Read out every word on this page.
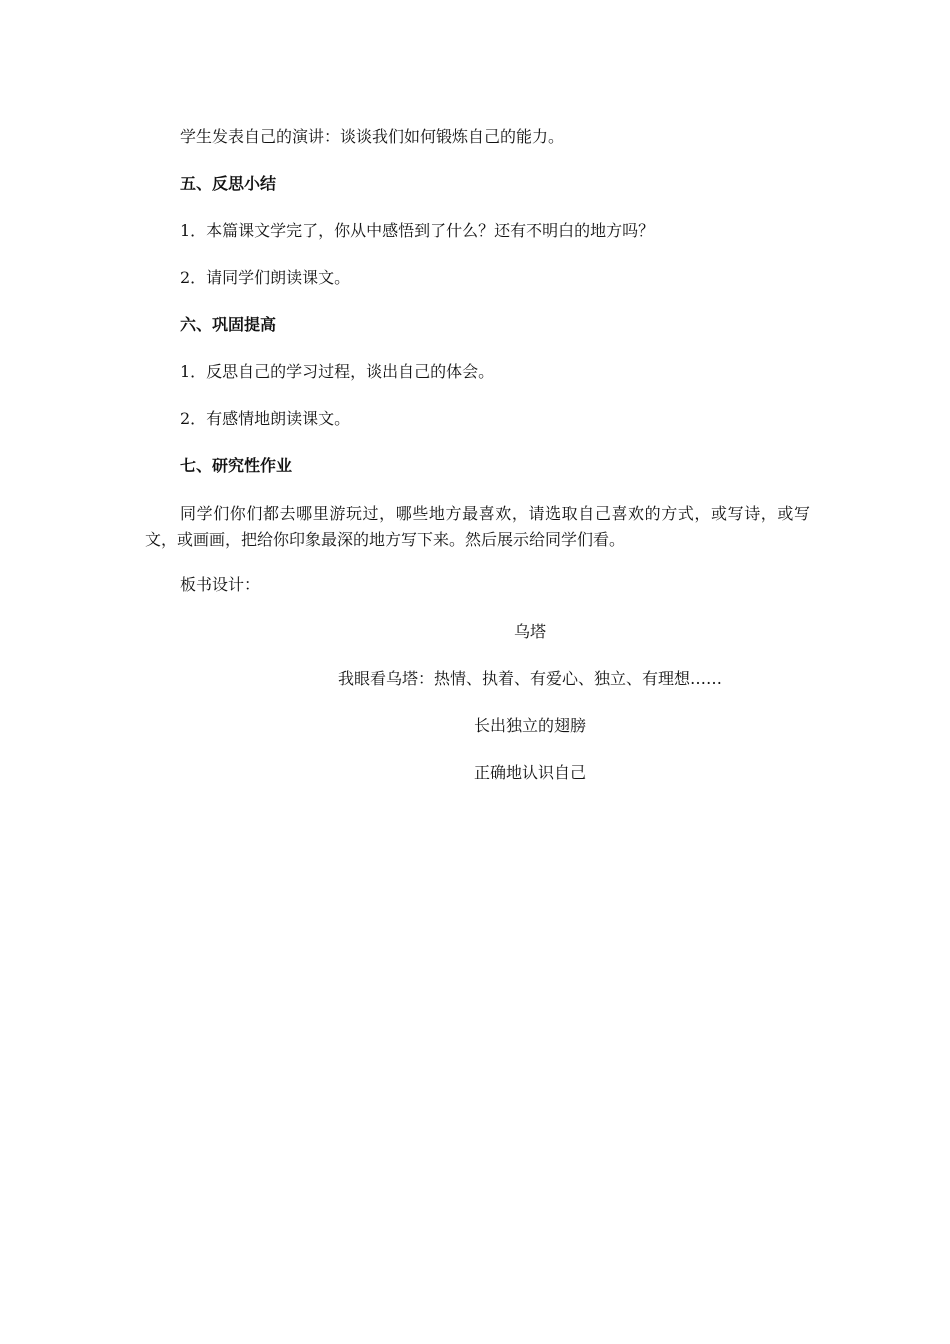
学生发表自己的演讲：谈谈我们如何锻炼自己的能力。
五、反思小结
1．本篇课文学完了，你从中感悟到了什么？还有不明白的地方吗？
2．请同学们朗读课文。
六、巩固提高
1．反思自己的学习过程，谈出自己的体会。
2．有感情地朗读课文。
七、研究性作业
同学们你们都去哪里游玩过，哪些地方最喜欢，请选取自己喜欢的方式，或写诗，或写文，或画画，把给你印象最深的地方写下来。然后展示给同学们看。
板书设计：
乌塔
我眼看乌塔：热情、执着、有爱心、独立、有理想……
长出独立的翅膀
正确地认识自己
